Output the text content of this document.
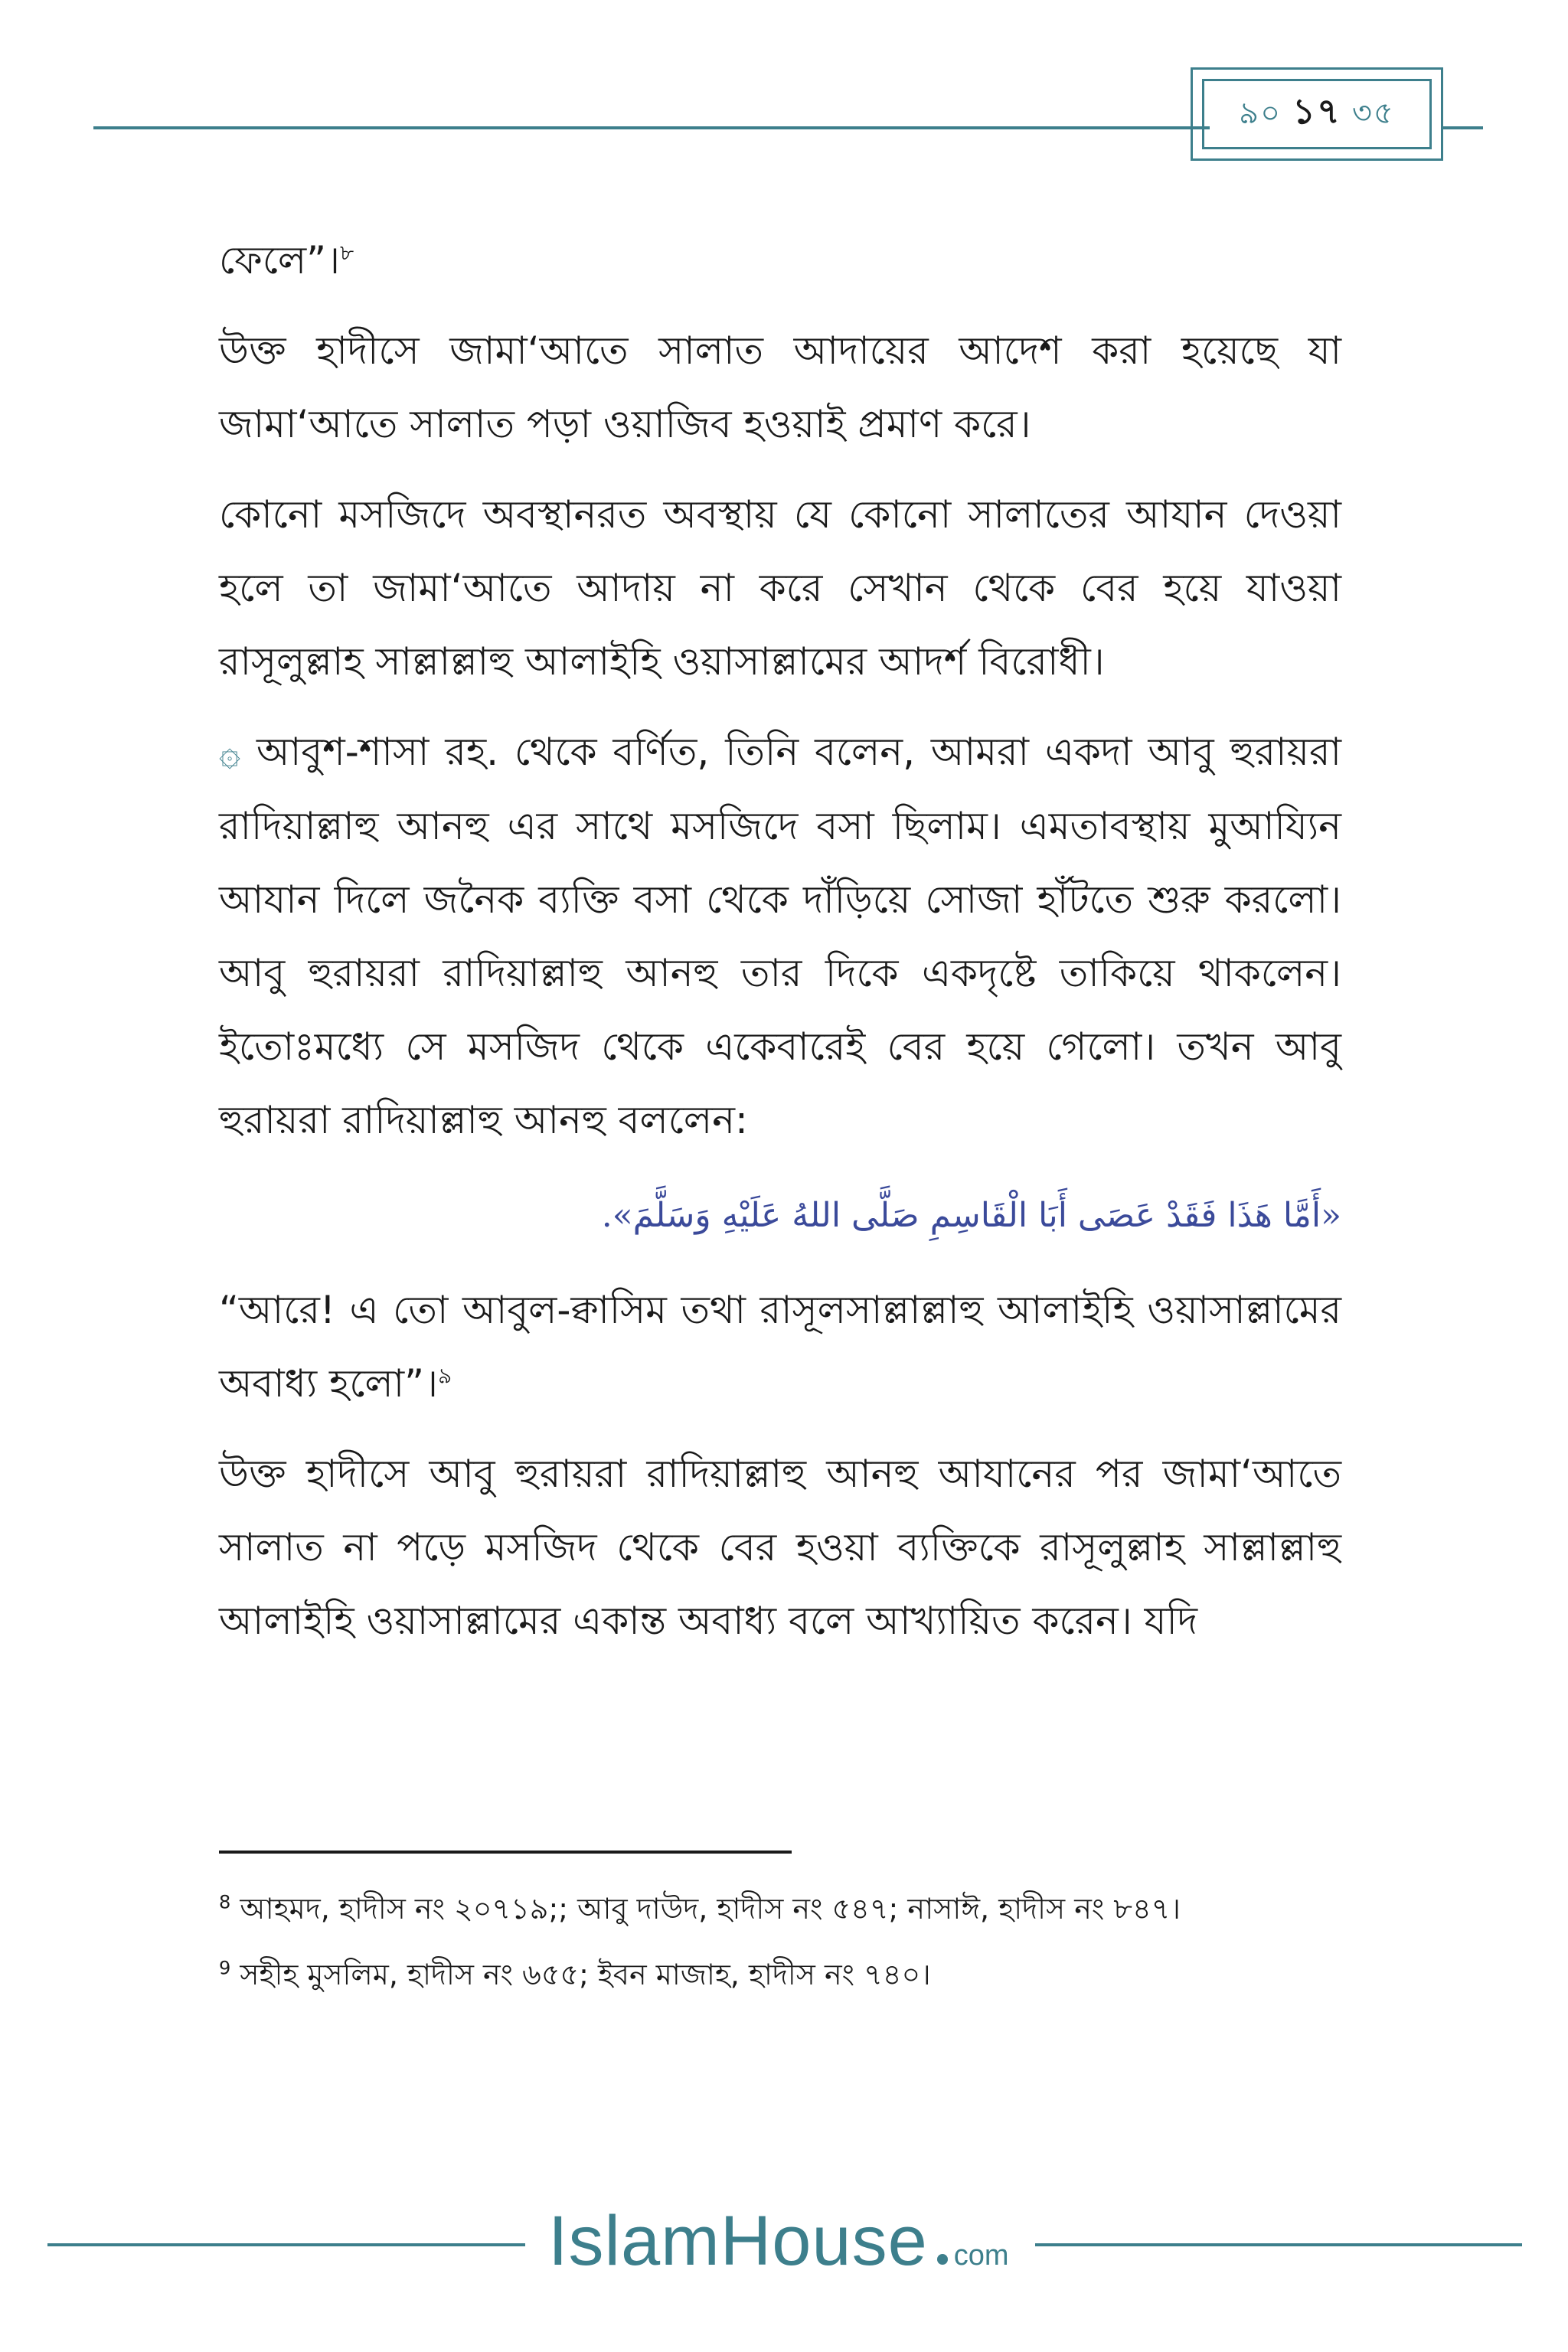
৯০ ১৭ ৩৫

ফেলে”।$^৮$

উক্ত হাদীসে জামা‘আতে সালাত আদায়ের আদেশ করা হয়েছে যা জামা‘আতে সালাত পড়া ওয়াজিব হওয়াই প্রমাণ করে।

কোনো মসজিদে অবস্থানরত অবস্থায় যে কোনো সালাতের আযান দেওয়া হলে তা জামা‘আতে আদায় না করে সেখান থেকে বের হয়ে যাওয়া রাসূলুল্লাহ সাল্লাল্লাহু আলাইহি ওয়াসাল্লামের আদর্শ বিরোধী।

۞ আবুশ-শাসা রহ. থেকে বর্ণিত, তিনি বলেন, আমরা একদা আবু হুরায়রা রাদিয়াল্লাহু আনহু এর সাথে মসজিদে বসা ছিলাম। এমতাবস্থায় মুআয্যিন আযান দিলে জনৈক ব্যক্তি বসা থেকে দাঁড়িয়ে সোজা হাঁটতে শুরু করলো। আবু হুরায়রা রাদিয়াল্লাহু আনহু তার দিকে একদৃষ্টে তাকিয়ে থাকলেন। ইতোঃমধ্যে সে মসজিদ থেকে একেবারেই বের হয়ে গেলো। তখন আবু হুরায়রা রাদিয়াল্লাহু আনহু বললেন:

«أَمَّا هَذَا فَقَدْ عَصَى أَبَا الْقَاسِمِ صَلَّى اللهُ عَلَيْهِ وَسَلَّمَ».

“আরে! এ তো আবুল-ক্বাসিম তথা রাসূলসাল্লাল্লাহু আলাইহি ওয়াসাল্লামের অবাধ্য হলো”।$^৯$

উক্ত হাদীসে আবু হুরায়রা রাদিয়াল্লাহু আনহু আযানের পর জামা‘আতে সালাত না পড়ে মসজিদ থেকে বের হওয়া ব্যক্তিকে রাসূলুল্লাহ সাল্লাল্লাহু আলাইহি ওয়াসাল্লামের একান্ত অবাধ্য বলে আখ্যায়িত করেন। যদি

$^8$ আহমদ, হাদীস নং ২০৭১৯;; আবু দাউদ, হাদীস নং ৫৪৭; নাসাঈ, হাদীস নং ৮৪৭।

$^9$ সহীহ মুসলিম, হাদীস নং ৬৫৫; ইবন মাজাহ, হাদীস নং ৭৪০।

IslamHouse com
